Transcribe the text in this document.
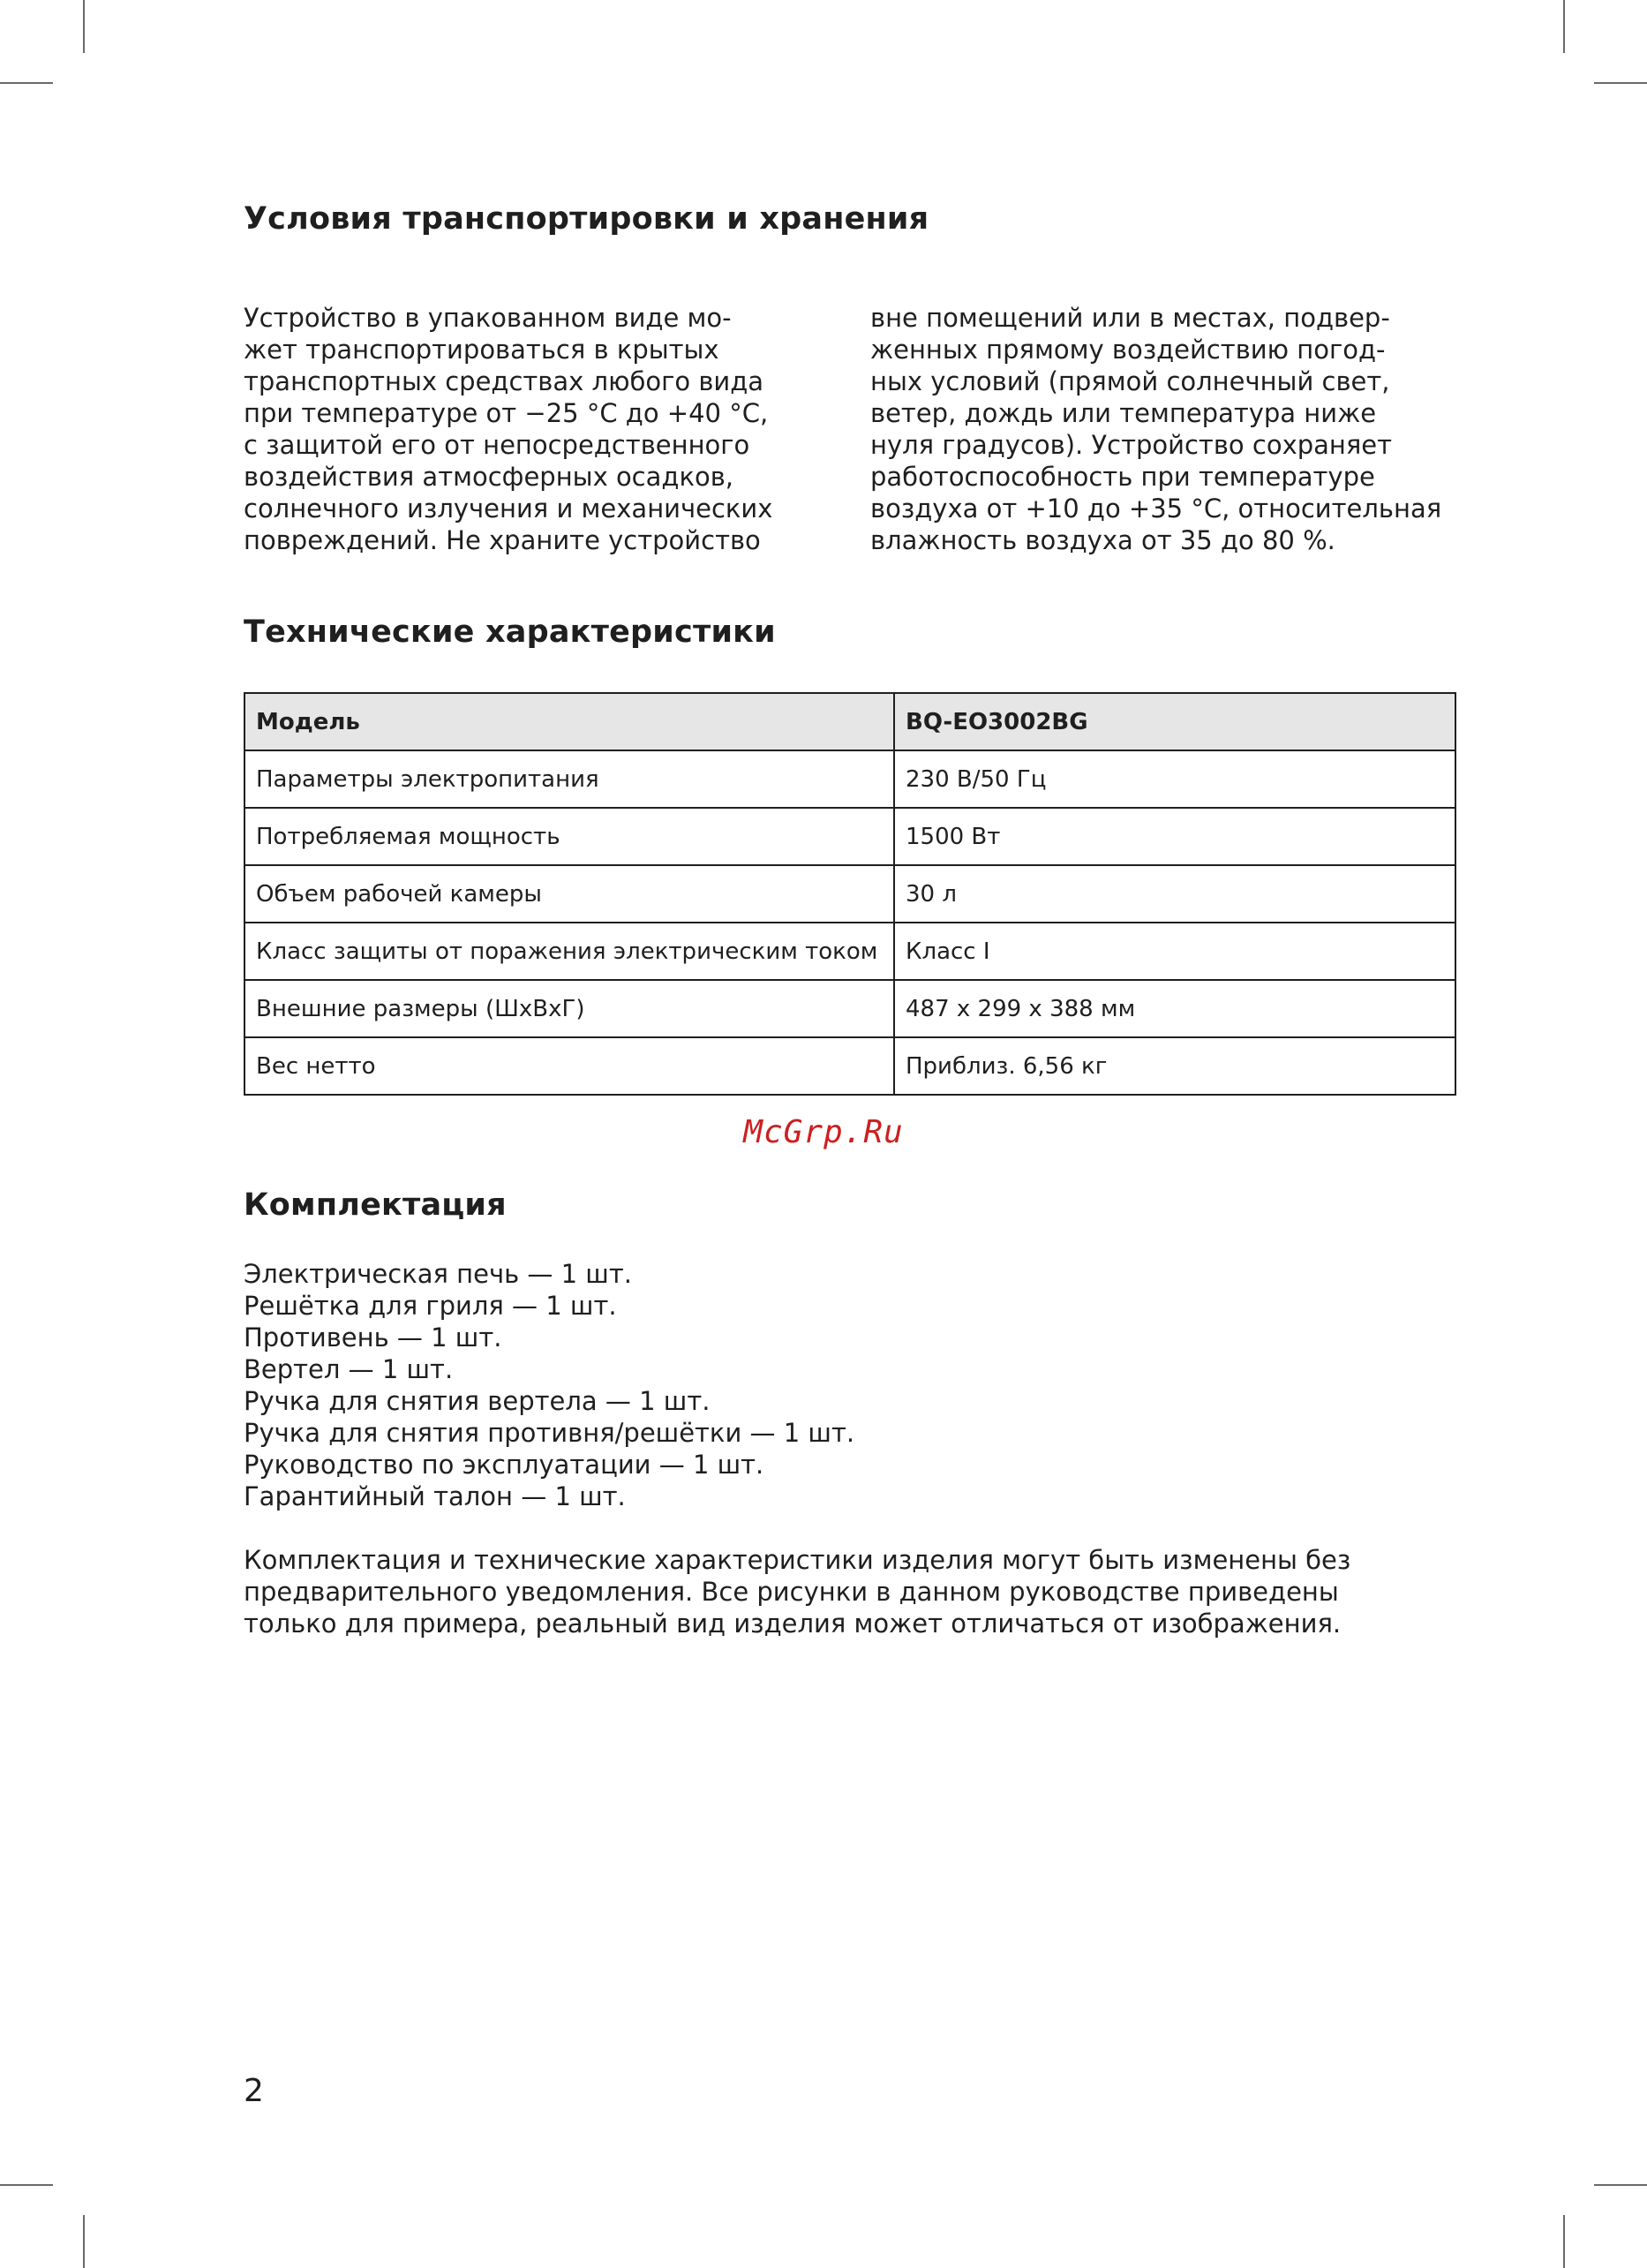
Условия транспортировки и хранения
Устройство в упакованном виде мо-
жет транспортироваться в крытых
транспортных средствах любого вида
при температуре от −25 °C до +40 °C,
с защитой его от непосредственного
воздействия атмосферных осадков,
солнечного излучения и механических
повреждений. Не храните устройство
вне помещений или в местах, подвер-
женных прямому воздействию погод-
ных условий (прямой солнечный свет,
ветер, дождь или температура ниже
нуля градусов). Устройство сохраняет
работоспособность при температуре
воздуха от +10 до +35 °C, относительная
влажность воздуха от 35 до 80 %.
Технические характеристики
Модель	BQ-EO3002BG
Параметры электропитания	230 В/50 Гц
Потребляемая мощность	1500 Вт
Объем рабочей камеры	30 л
Класс защиты от поражения электрическим током	Класс I
Внешние размеры (ШхВхГ)	487 х 299 х 388 мм
Вес нетто	Приблиз. 6,56 кг
McGrp.Ru
Комплектация
Электрическая печь — 1 шт.
Решётка для гриля — 1 шт.
Противень — 1 шт.
Вертел — 1 шт.
Ручка для снятия вертела — 1 шт.
Ручка для снятия противня/решётки — 1 шт.
Руководство по эксплуатации — 1 шт.
Гарантийный талон — 1 шт.
Комплектация и технические характеристики изделия могут быть изменены без
предварительного уведомления. Все рисунки в данном руководстве приведены
только для примера, реальный вид изделия может отличаться от изображения.
2
